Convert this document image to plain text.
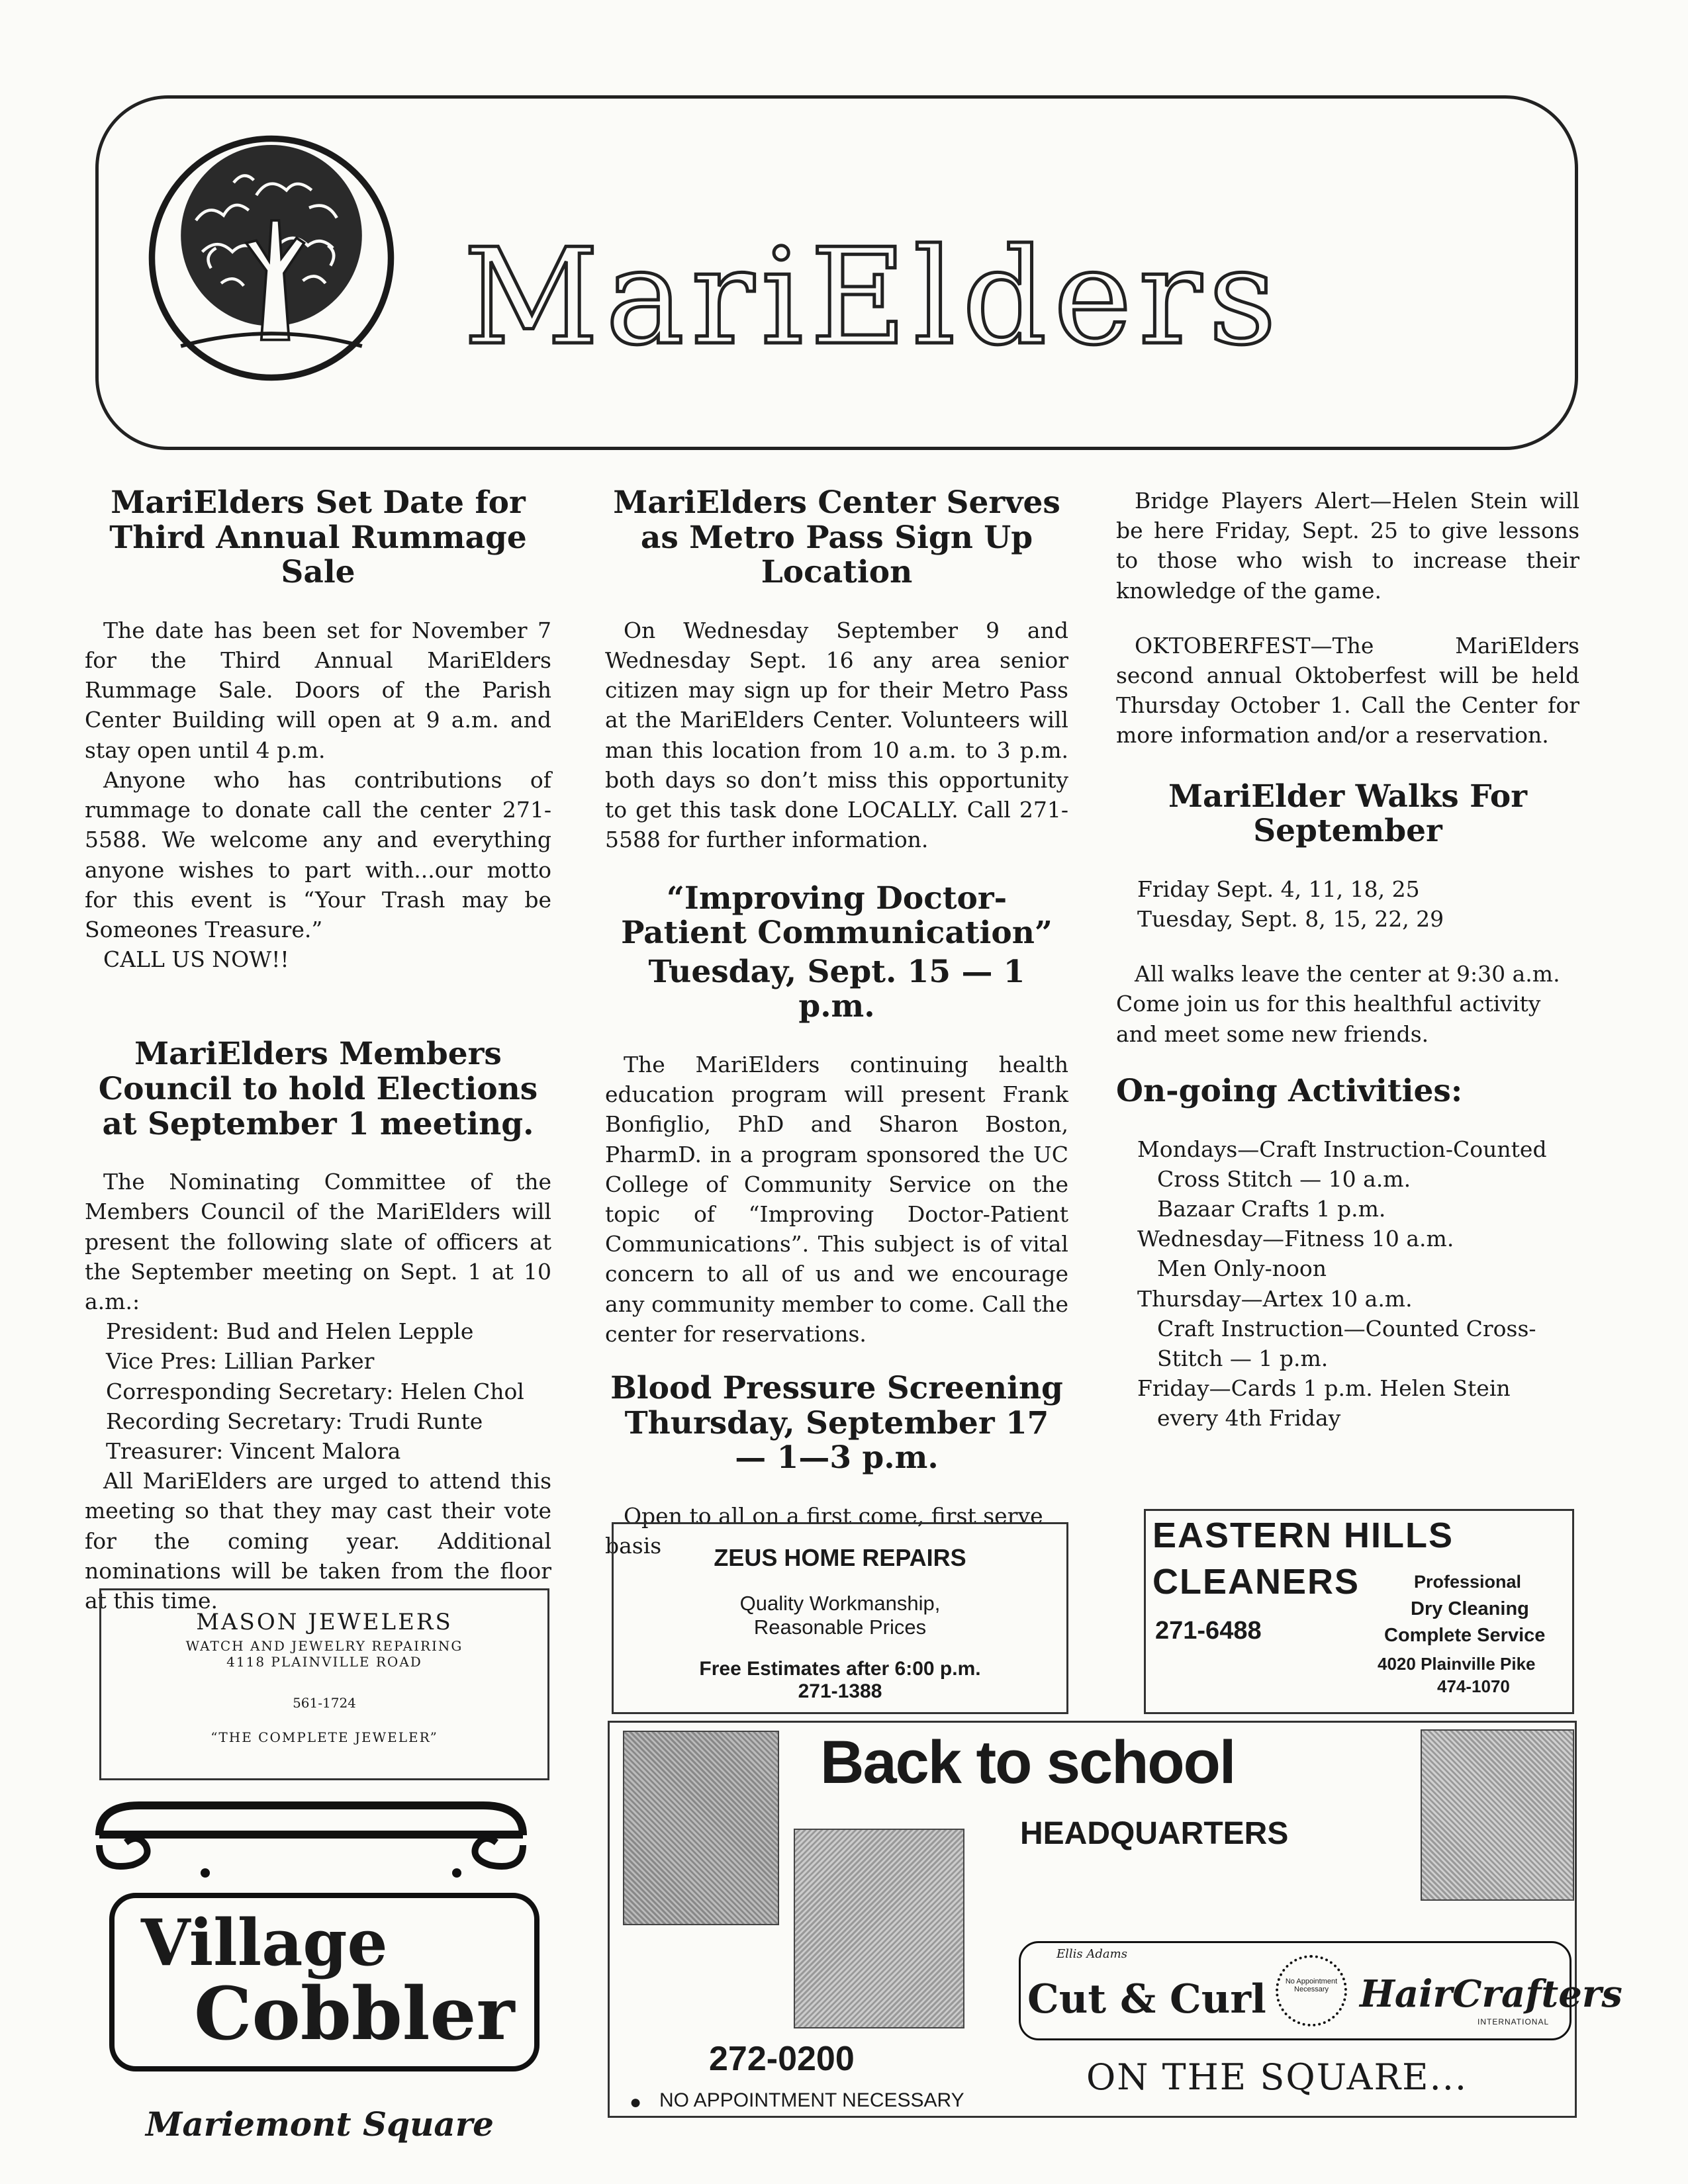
MariElders
MariElders Set Date for Third Annual Rummage Sale

The date has been set for November 7 for the Third Annual MariElders Rummage Sale. Doors of the Parish Center Building will open at 9 a.m. and stay open until 4 p.m.

Anyone who has contributions of rummage to donate call the center 271-5588. We welcome any and everything anyone wishes to part with...our motto for this event is “Your Trash may be Someones Treasure.”

CALL US NOW!!

MariElders Members Council to hold Elections at September 1 meeting.

The Nominating Committee of the Members Council of the MariElders will present the following slate of officers at the September meeting on Sept. 1 at 10 a.m.:

President: Bud and Helen Lepple
Vice Pres: Lillian Parker
Corresponding Secretary: Helen Chol
Recording Secretary: Trudi Runte
Treasurer: Vincent Malora

All MariElders are urged to attend this meeting so that they may cast their vote for the coming year. Additional nominations will be taken from the floor at this time.

MASON JEWELERS
WATCH AND JEWELRY REPAIRING
4118 PLAINVILLE ROAD
561-1724
“THE COMPLETE JEWELER”
Village
Cobbler
Mariemont Square
MariElders Center Serves as Metro Pass Sign Up Location

On Wednesday September 9 and Wednesday Sept. 16 any area senior citizen may sign up for their Metro Pass at the MariElders Center. Volunteers will man this location from 10 a.m. to 3 p.m. both days so don’t miss this opportunity to get this task done LOCALLY. Call 271-5588 for further information.

“Improving Doctor-Patient Communication”
Tuesday, Sept. 15 — 1 p.m.

The MariElders continuing health education program will present Frank Bonfiglio, PhD and Sharon Boston, PharmD. in a program sponsored the UC College of Community Service on the topic of “Improving Doctor-Patient Communications”. This subject is of vital concern to all of us and we encourage any community member to come. Call the center for reservations.

Blood Pressure Screening Thursday, September 17 — 1—3 p.m.

Open to all on a first come, first serve basis	ZEUS HOME REPAIRS
Quality Workmanship,
Reasonable Prices
Free Estimates after 6:00 p.m.
271-1388

Bridge Players Alert—Helen Stein will be here Friday, Sept. 25 to give lessons to those who wish to increase their knowledge of the game.

OKTOBERFEST—The MariElders second annual Oktoberfest will be held Thursday October 1. Call the Center for more information and/or a reservation.

MariElder Walks For September
Friday Sept. 4, 11, 18, 25
Tuesday, Sept. 8, 15, 22, 29

All walks leave the center at 9:30 a.m. Come join us for this healthful activity and meet some new friends.

On-going Activities:
Mondays—Craft Instruction-Counted
Cross Stitch — 10 a.m.
Bazaar Crafts 1 p.m.
Wednesday—Fitness 10 a.m.
Men Only-noon
Thursday—Artex 10 a.m.
Craft Instruction—Counted Cross-
Stitch — 1 p.m.
Friday—Cards 1 p.m. Helen Stein
every 4th Friday
EASTERN HILLS
CLEANERS
271-6488
Professional
Dry Cleaning
Complete Service
4020 Plainville Pike
474-1070
Back to school
HEADQUARTERS
272-0200
● NO APPOINTMENT NECESSARY
Ellis Adams
Cut & Curl	No Appointment Necessary HairCrafters
INTERNATIONAL
ON THE SQUARE...
